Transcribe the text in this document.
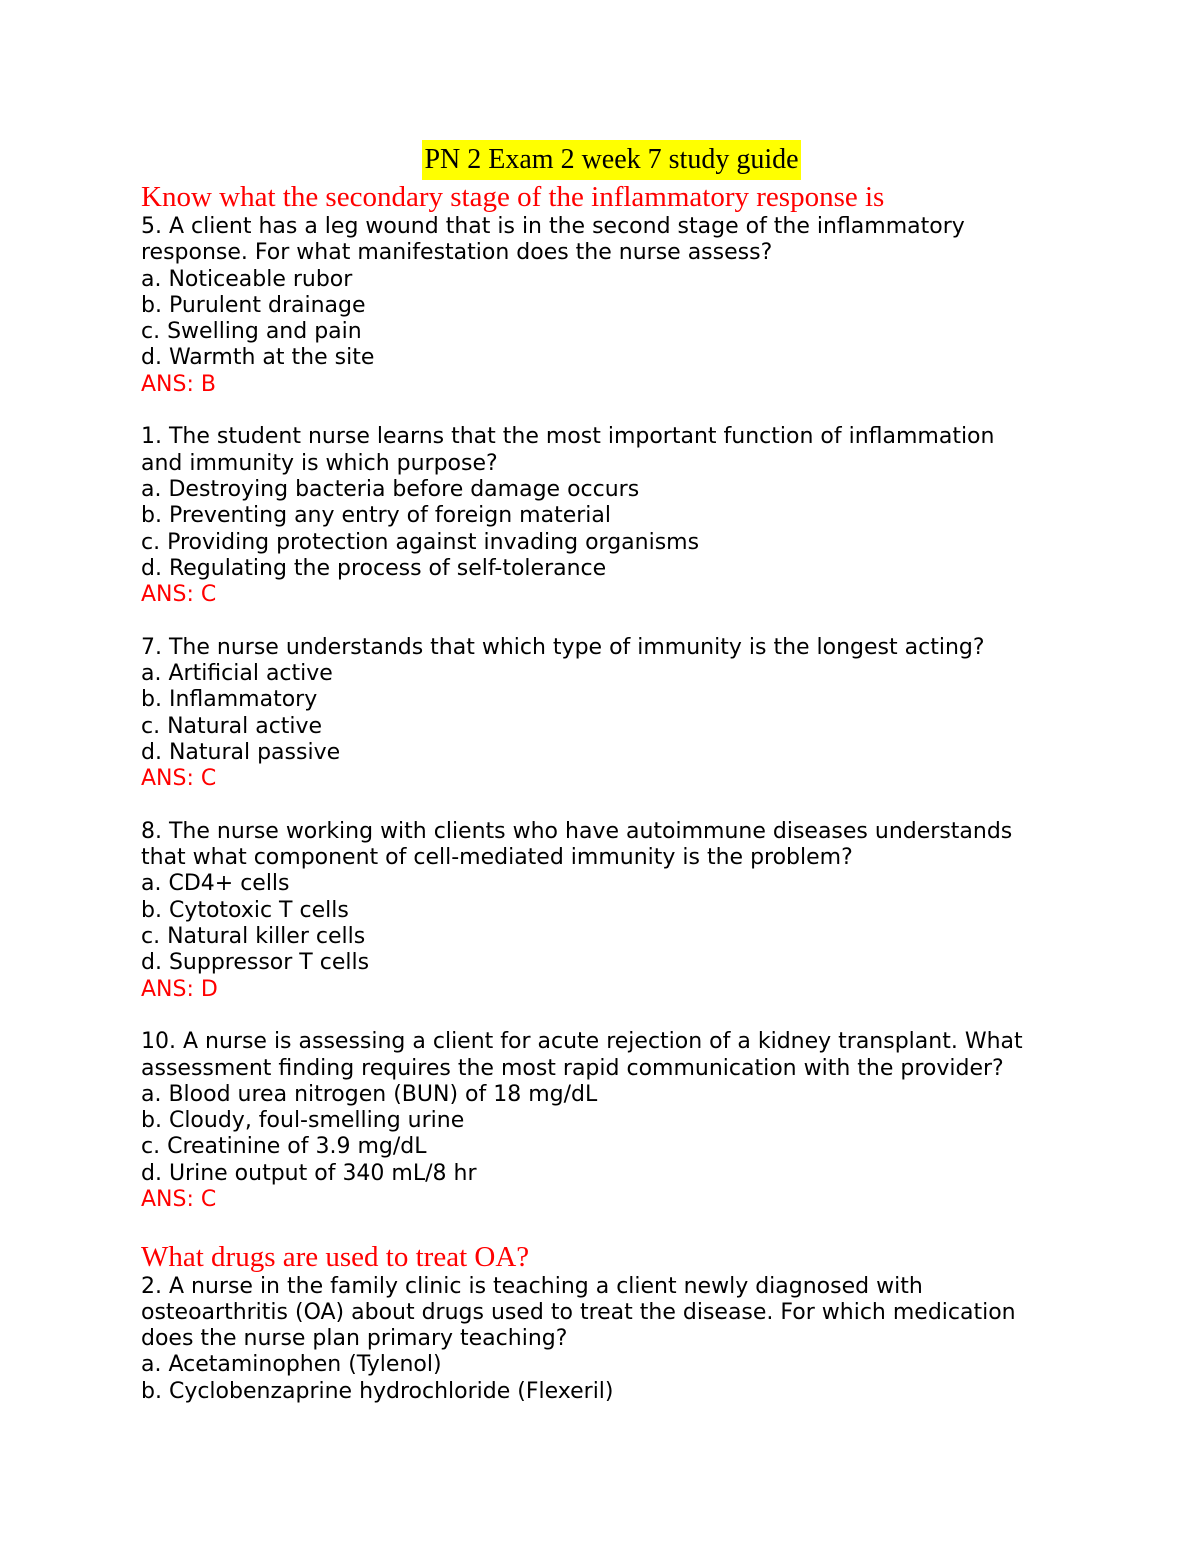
PN 2 Exam 2 week 7 study guide

Know what the secondary stage of the inflammatory response is

5. A client has a leg wound that is in the second stage of the inflammatory

response. For what manifestation does the nurse assess?

a. Noticeable rubor

b. Purulent drainage

c. Swelling and pain

d. Warmth at the site

ANS: B

1. The student nurse learns that the most important function of inflammation

and immunity is which purpose?

a. Destroying bacteria before damage occurs

b. Preventing any entry of foreign material

c. Providing protection against invading organisms

d. Regulating the process of self-tolerance

ANS: C

7. The nurse understands that which type of immunity is the longest acting?

a. Artificial active

b. Inflammatory

c. Natural active

d. Natural passive

ANS: C

8. The nurse working with clients who have autoimmune diseases understands

that what component of cell-mediated immunity is the problem?

a. CD4+ cells

b. Cytotoxic T cells

c. Natural killer cells

d. Suppressor T cells

ANS: D

10. A nurse is assessing a client for acute rejection of a kidney transplant. What

assessment finding requires the most rapid communication with the provider?

a. Blood urea nitrogen (BUN) of 18 mg/dL

b. Cloudy, foul-smelling urine

c. Creatinine of 3.9 mg/dL

d. Urine output of 340 mL/8 hr

ANS: C

What drugs are used to treat OA?

2. A nurse in the family clinic is teaching a client newly diagnosed with

osteoarthritis (OA) about drugs used to treat the disease. For which medication

does the nurse plan primary teaching?

a. Acetaminophen (Tylenol)

b. Cyclobenzaprine hydrochloride (Flexeril)
